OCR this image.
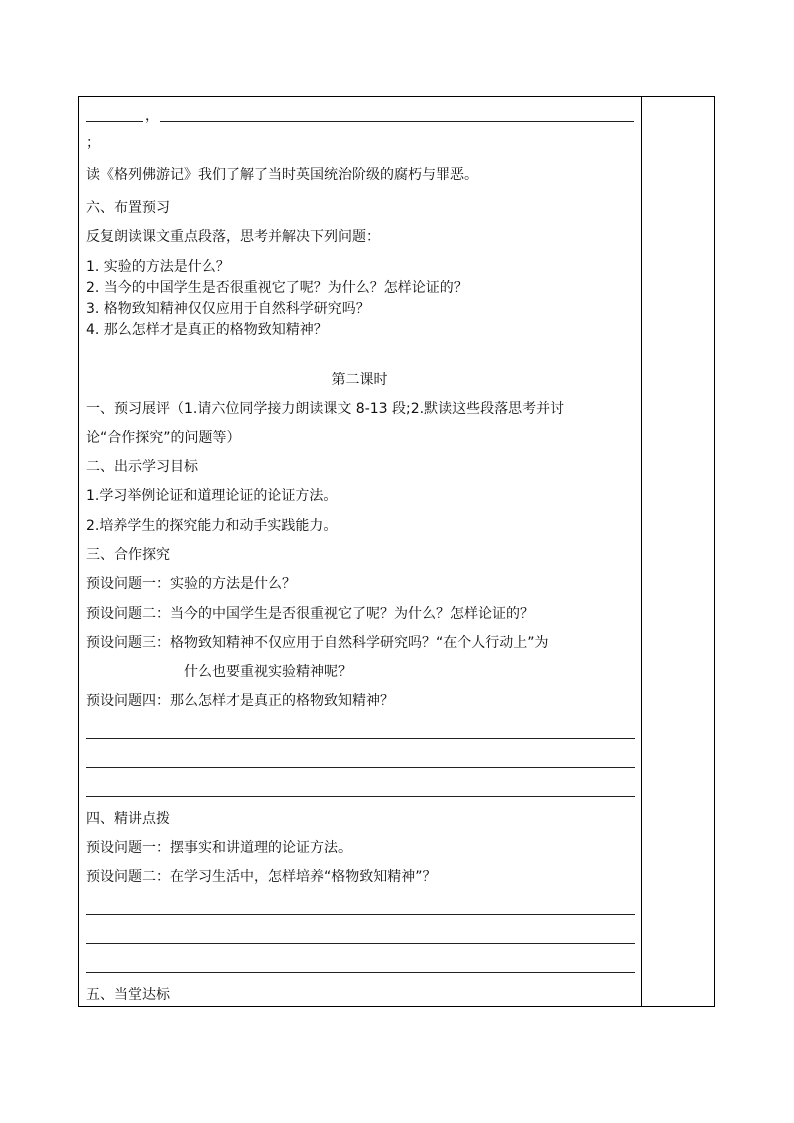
，
；
读《格列佛游记》我们了解了当时英国统治阶级的腐朽与罪恶。
六、布置预习
反复朗读课文重点段落，思考并解决下列问题：
1. 实验的方法是什么？
2. 当今的中国学生是否很重视它了呢？为什么？怎样论证的？
3. 格物致知精神仅仅应用于自然科学研究吗？
4. 那么怎样才是真正的格物致知精神？
第二课时
一、预习展评（1.请六位同学接力朗读课文 8-13 段;2.默读这些段落思考并讨
论“合作探究”的问题等）
二、出示学习目标
1.学习举例论证和道理论证的论证方法。
2.培养学生的探究能力和动手实践能力。
三、合作探究
预设问题一：实验的方法是什么？
预设问题二：当今的中国学生是否很重视它了呢？为什么？怎样论证的？
预设问题三：格物致知精神不仅应用于自然科学研究吗？“在个人行动上”为
什么也要重视实验精神呢？
预设问题四：那么怎样才是真正的格物致知精神？
四、精讲点拨
预设问题一：摆事实和讲道理的论证方法。
预设问题二：在学习生活中，怎样培养“格物致知精神”？
五、当堂达标
